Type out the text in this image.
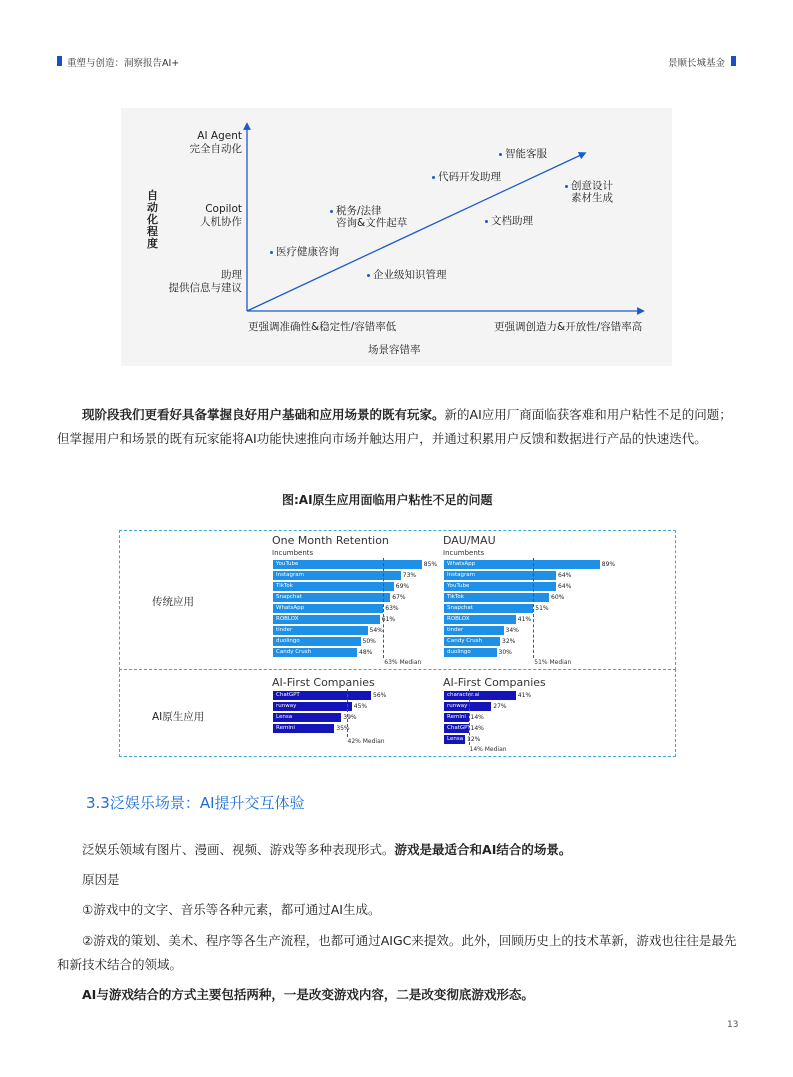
重塑与创造：洞察报告AI+	景顺长城基金
自动化程度
AI Agent
完全自动化
Copilot
人机协作
助理
提供信息与建议
智能客服
代码开发助理
创意设计
素材生成
税务/法律
咨询&文件起草	文档助理
医疗健康咨询
企业级知识管理
更强调准确性&稳定性/容错率低	更强调创造力&开放性/容错率高
场景容错率
现阶段我们更看好具备掌握良好用户基础和应用场景的既有玩家。新的AI应用厂商面临获客难和用户粘性不足的问题；但掌握用户和场景的既有玩家能将AI功能快速推向市场并触达用户，并通过积累用户反馈和数据进行产品的快速迭代。
图:AI原生应用面临用户粘性不足的问题
传统应用
AI原生应用
One Month Retention
Incumbents
DAU/MAU
Incumbents
AI-First Companies	AI-First Companies
YouTube	85%
Instagram	73%
TikTok	69%
Snapchat	67%
WhatsApp	63%
ROBLOX	61%
tinder	54%
duolingo	50%
Candy Crush	48%
63% Median
WhatsApp	89%
Instagram	64%
YouTube	64%
TikTok	60%
Snapchat	51%
ROBLOX	41%
tinder	34%
Candy Crush	32%
duolingo	30%
51% Median
ChatGPT	56%
runway	45%
Lensa	39%
Remini	35%
42% Median
character.ai	41%
runway	27%
Remini 14%
ChatGPT 14%
Lensa 12%
14% Median
3.3泛娱乐场景：AI提升交互体验
泛娱乐领域有图片、漫画、视频、游戏等多种表现形式。游戏是最适合和AI结合的场景。
原因是
①游戏中的文字、音乐等各种元素，都可通过AI生成。
②游戏的策划、美术、程序等各生产流程，也都可通过AIGC来提效。此外，回顾历史上的技术革新，游戏也往往是最先和新技术结合的领域。
AI与游戏结合的方式主要包括两种，一是改变游戏内容，二是改变彻底游戏形态。
13
